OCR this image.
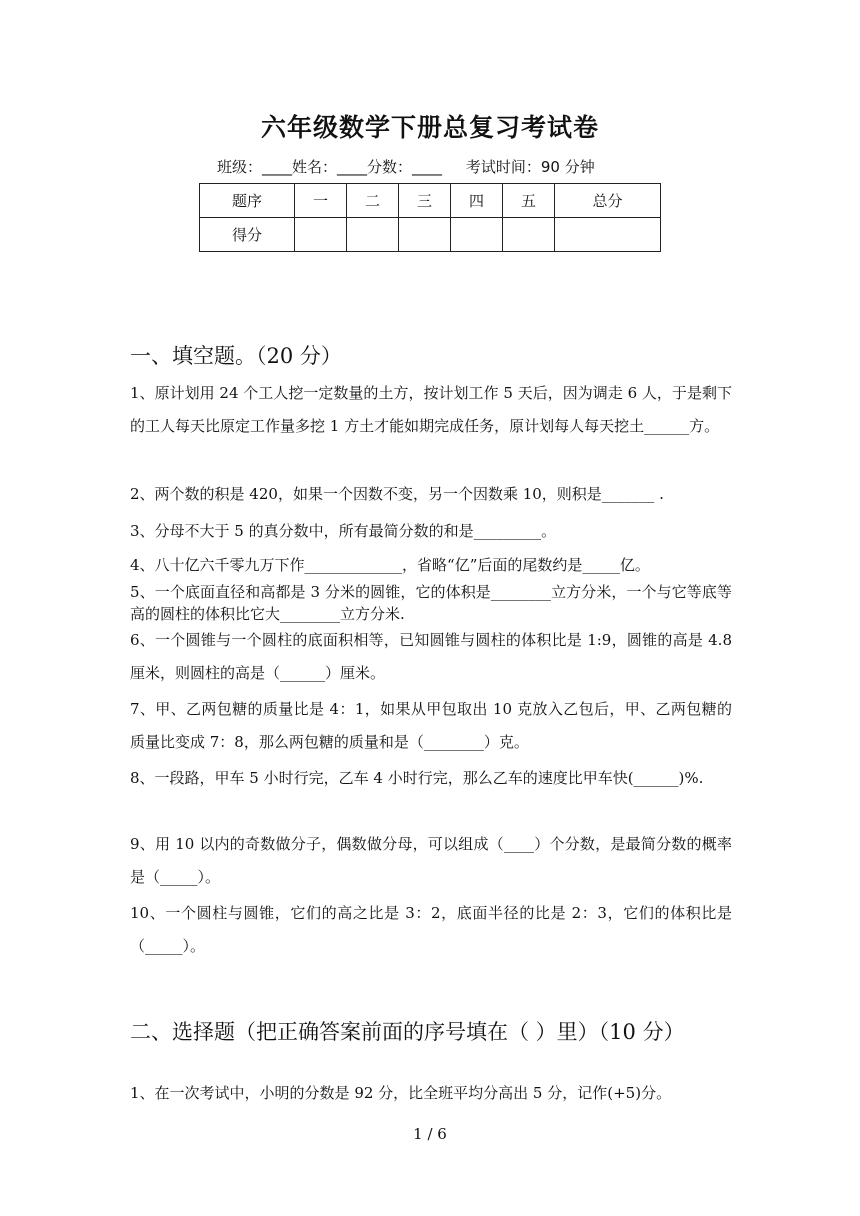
六年级数学下册总复习考试卷
班级：____姓名：____分数：____     考试时间：90 分钟
题序	一	二	三	四	五	总分
得分						
一、填空题。（20 分）
1、原计划用 24 个工人挖一定数量的土方，按计划工作 5 天后，因为调走 6 人，于是剩下的工人每天比原定工作量多挖 1 方土才能如期完成任务，原计划每人每天挖土______方。
2、两个数的积是 420，如果一个因数不变，另一个因数乘 10，则积是_______ .
3、分母不大于 5 的真分数中，所有最简分数的和是_________。
4、八十亿六千零九万下作_____________，省略“亿”后面的尾数约是_____亿。
5、一个底面直径和高都是 3 分米的圆锥，它的体积是________立方分米，一个与它等底等高的圆柱的体积比它大________立方分米.
6、一个圆锥与一个圆柱的底面积相等，已知圆锥与圆柱的体积比是 1:9，圆锥的高是 4.8 厘米，则圆柱的高是（______）厘米。
7、甲、乙两包糖的质量比是 4：1，如果从甲包取出 10 克放入乙包后，甲、乙两包糖的质量比变成 7：8，那么两包糖的质量和是（________）克。
8、一段路，甲车 5 小时行完，乙车 4 小时行完，那么乙车的速度比甲车快(______)%.
9、用 10 以内的奇数做分子，偶数做分母，可以组成（____）个分数，是最简分数的概率是（_____）。
10、一个圆柱与圆锥，它们的高之比是 3：2，底面半径的比是 2：3，它们的体积比是（_____）。
二、选择题（把正确答案前面的序号填在（ ）里）（10 分）
1、在一次考试中，小明的分数是 92 分，比全班平均分高出 5 分，记作(+5)分。
1 / 6
